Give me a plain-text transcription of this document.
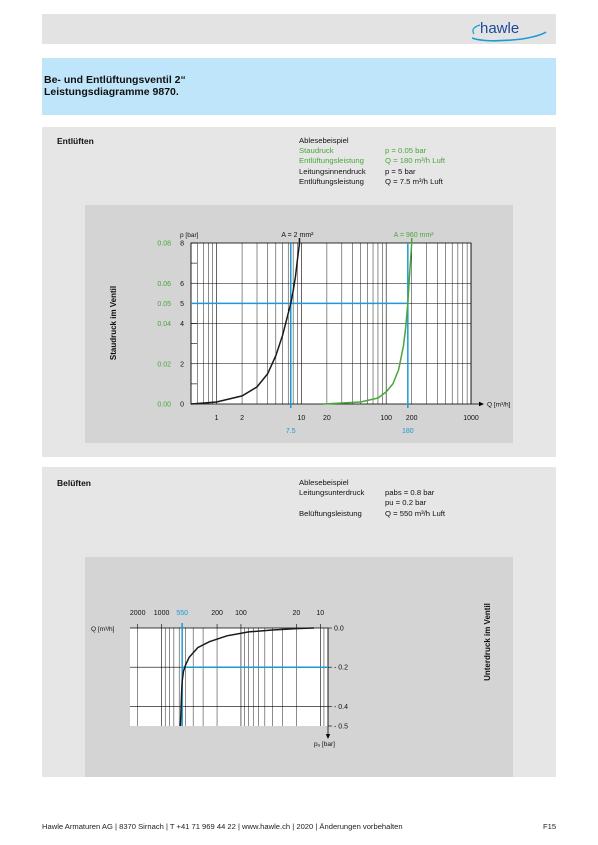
hawle
Be- und Entlüftungsventil 2“
Leistungsdiagramme 9870.
Entlüften	Ablesebeispiel
Staudruck	p = 0.05 bar
Entlüftungsleistung	Q = 180 m³/h Luft
Leitungsinnendruck	p = 5 bar
Entlüftungsleistung	Q = 7.5 m³/h Luft
A = 2 mm²	A = 960 mm²
0
2
4
5
6
8
0.00
0.02
0.04
0.05
0.06
0.08
1	2	10	20	100 200	1000
7.5	180
p [bar]
Q [m³/h]
Staudruck im Ventil
Belüften	Ablesebeispiel
Leitungsunterdruck	pabs = 0.8 bar
pu = 0.2 bar
Belüftungsleistung	Q = 550 m³/h Luft
2000 1000	200 100	20 10
550
0.0
- 0.2
- 0.4
- 0.5
Q [m³/h]
pᵤ [bar]
Unterdruck im Ventil
Hawle Armaturen AG | 8370 Sirnach | T +41 71 969 44 22 | www.hawle.ch | 2020 | Änderungen vorbehalten	F15
